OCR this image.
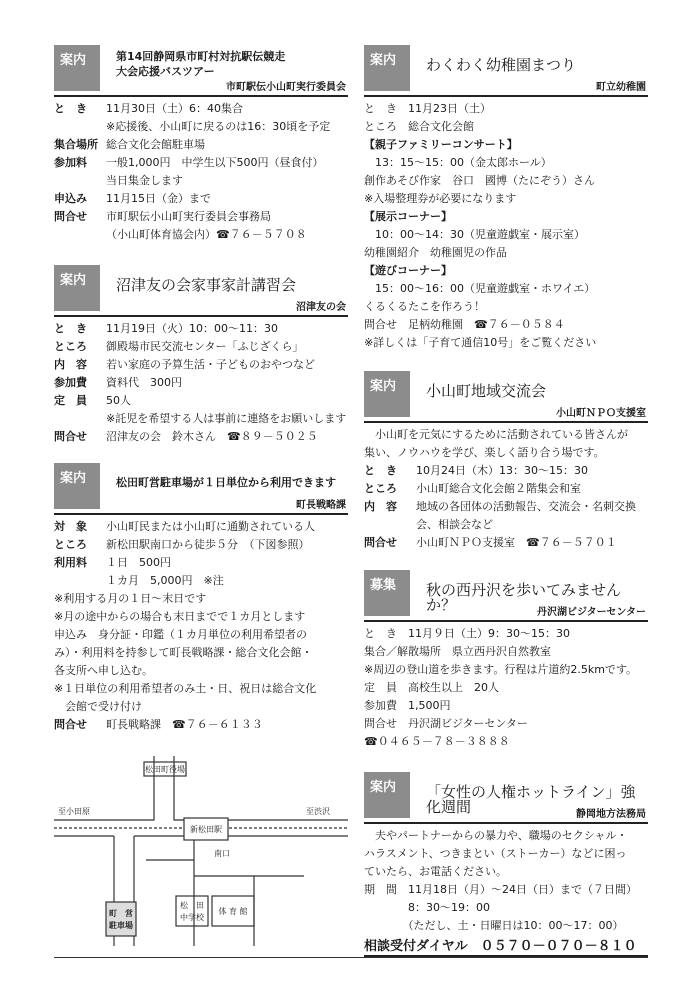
案内	第14回静岡県市町村対抗駅伝競走
大会応援バスツアー
市町駅伝小山町実行委員会
と　き	11月30日（土）6：40集合
※応援後、小山町に戻るのは16：30頃を予定
集合場所 総合文化会館駐車場
参加料	一般1,000円　中学生以下500円（昼食付）
当日集金します
申込み	11月15日（金）まで
問合せ	市町駅伝小山町実行委員会事務局
（小山町体育協会内）☎７６－５７０８
案内	沼津友の会家事家計講習会
沼津友の会
と　き	11月19日（火）10：00～11：30
ところ	御殿場市民交流センター「ふじざくら」
内　容	若い家庭の予算生活・子どものおやつなど
参加費	資料代　300円
定　員	50人
※託児を希望する人は事前に連絡をお願いします
問合せ	沼津友の会　鈴木さん　☎８９－５０２５
案内	松田町営駐車場が１日単位から利用できます
町長戦略課
対　象	小山町民または小山町に通勤されている人
ところ	新松田駅南口から徒歩５分　（下図参照）
利用料	１日　500円
１カ月　5,000円　※注
※利用する月の１日～末日です
※月の途中からの場合も末日までで１カ月とします
申込み　身分証・印鑑（１カ月単位の利用希望者の
み）・利用料を持参して町長戦略課・総合文化会館・
各支所へ申し込む。
※１日単位の利用希望者のみ土・日、祝日は総合文化
　会館で受け付け
問合せ	町長戦略課　☎７６－６１３３
松田町役場
至小田原	至渋沢
新松田駅
南口
町　営
駐車場
松　田
中学校
体 育 館
案内	わくわく幼稚園まつり
町立幼稚園
と　き　11月23日（土）
ところ　総合文化会館
【親子ファミリーコンサート】
　13：15～15：00（金太郎ホール）
創作あそび作家　谷口　國博（たにぞう）さん
※入場整理券が必要になります
【展示コーナー】
　10：00～14：30（児童遊戯室・展示室）
幼稚園紹介　幼稚園児の作品
【遊びコーナー】
　15：00～16：00（児童遊戯室・ホワイエ）
くるくるたこを作ろう！
問合せ　足柄幼稚園　☎７６－０５８４
※詳しくは「子育て通信10号」をご覧ください
案内	小山町地域交流会
小山町ＮＰＯ支援室
　小山町を元気にするために活動されている皆さんが
集い、ノウハウを学び、楽しく語り合う場です。
と　き	10月24日（木）13：30～15：30
ところ	小山町総合文化会館２階集会和室
内　容	地域の各団体の活動報告、交流会・名刺交換
会、相談会など
問合せ	小山町ＮＰＯ支援室　☎７６－５７０１
募集	秋の西丹沢を歩いてみませんか？	丹沢湖ビジターセンター
と　き　11月９日（土）9：30～15：30
集合／解散場所　県立西丹沢自然教室
※周辺の登山道を歩きます。行程は片道約2.5kmです。
定　員　高校生以上　20人
参加費　1,500円
問合せ　丹沢湖ビジターセンター
☎０４６５－７８－３８８８
案内	「女性の人権ホットライン」強化週間	静岡地方法務局
　夫やパートナーからの暴力や、職場のセクシャル・
ハラスメント、つきまとい（ストーカー）などに困っ
ていたら、お電話ください。
期　間　11月18日（月）～24日（日）まで（７日間）
　　　　8：30～19：00
　　　　（ただし、土・日曜日は10：00～17：00）
相談受付ダイヤル　０５７０－０７０－８１０
